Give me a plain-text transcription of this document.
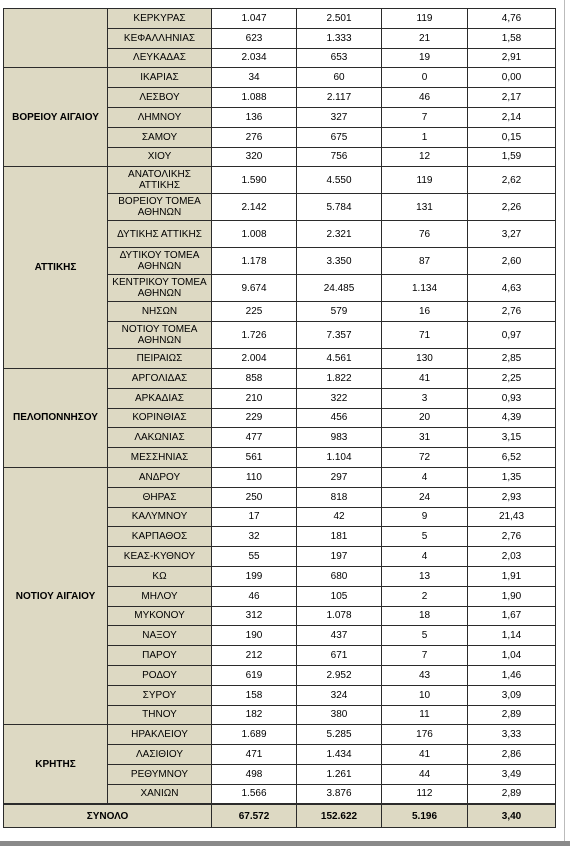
	ΚΕΡΚΥΡΑΣ	1.047	2.501	119	4,76
	ΚΕΦΑΛΛΗΝΙΑΣ	623	1.333	21	1,58
	ΛΕΥΚΑΔΑΣ	2.034	653	19	2,91
ΒΟΡΕΙΟΥ ΑΙΓΑΙΟΥ	ΙΚΑΡΙΑΣ	34	60	0	0,00
	ΛΕΣΒΟΥ	1.088	2.117	46	2,17
	ΛΗΜΝΟΥ	136	327	7	2,14
	ΣΑΜΟΥ	276	675	1	0,15
	ΧΙΟΥ	320	756	12	1,59
ΑΤΤΙΚΗΣ	ΑΝΑΤΟΛΙΚΗΣ ΑΤΤΙΚΗΣ	1.590	4.550	119	2,62
	ΒΟΡΕΙΟΥ ΤΟΜΕΑ ΑΘΗΝΩΝ	2.142	5.784	131	2,26
	ΔΥΤΙΚΗΣ ΑΤΤΙΚΗΣ	1.008	2.321	76	3,27
	ΔΥΤΙΚΟΥ ΤΟΜΕΑ ΑΘΗΝΩΝ	1.178	3.350	87	2,60
	ΚΕΝΤΡΙΚΟΥ ΤΟΜΕΑ ΑΘΗΝΩΝ	9.674	24.485	1.134	4,63
	ΝΗΣΩΝ	225	579	16	2,76
	ΝΟΤΙΟΥ ΤΟΜΕΑ ΑΘΗΝΩΝ	1.726	7.357	71	0,97
	ΠΕΙΡΑΙΩΣ	2.004	4.561	130	2,85
ΠΕΛΟΠΟΝΝΗΣΟΥ	ΑΡΓΟΛΙΔΑΣ	858	1.822	41	2,25
	ΑΡΚΑΔΙΑΣ	210	322	3	0,93
	ΚΟΡΙΝΘΙΑΣ	229	456	20	4,39
	ΛΑΚΩΝΙΑΣ	477	983	31	3,15
	ΜΕΣΣΗΝΙΑΣ	561	1.104	72	6,52
ΝΟΤΙΟΥ ΑΙΓΑΙΟΥ	ΑΝΔΡΟΥ	110	297	4	1,35
	ΘΗΡΑΣ	250	818	24	2,93
	ΚΑΛΥΜΝΟΥ	17	42	9	21,43
	ΚΑΡΠΑΘΟΣ	32	181	5	2,76
	ΚΕΑΣ-ΚΥΘΝΟΥ	55	197	4	2,03
	ΚΩ	199	680	13	1,91
	ΜΗΛΟΥ	46	105	2	1,90
	ΜΥΚΟΝΟΥ	312	1.078	18	1,67
	ΝΑΞΟΥ	190	437	5	1,14
	ΠΑΡΟΥ	212	671	7	1,04
	ΡΟΔΟΥ	619	2.952	43	1,46
	ΣΥΡΟΥ	158	324	10	3,09
	ΤΗΝΟΥ	182	380	11	2,89
ΚΡΗΤΗΣ	ΗΡΑΚΛΕΙΟΥ	1.689	5.285	176	3,33
	ΛΑΣΙΘΙΟΥ	471	1.434	41	2,86
	ΡΕΘΥΜΝΟΥ	498	1.261	44	3,49
	ΧΑΝΙΩΝ	1.566	3.876	112	2,89
ΣΥΝΟΛΟ		67.572	152.622	5.196	3,40
